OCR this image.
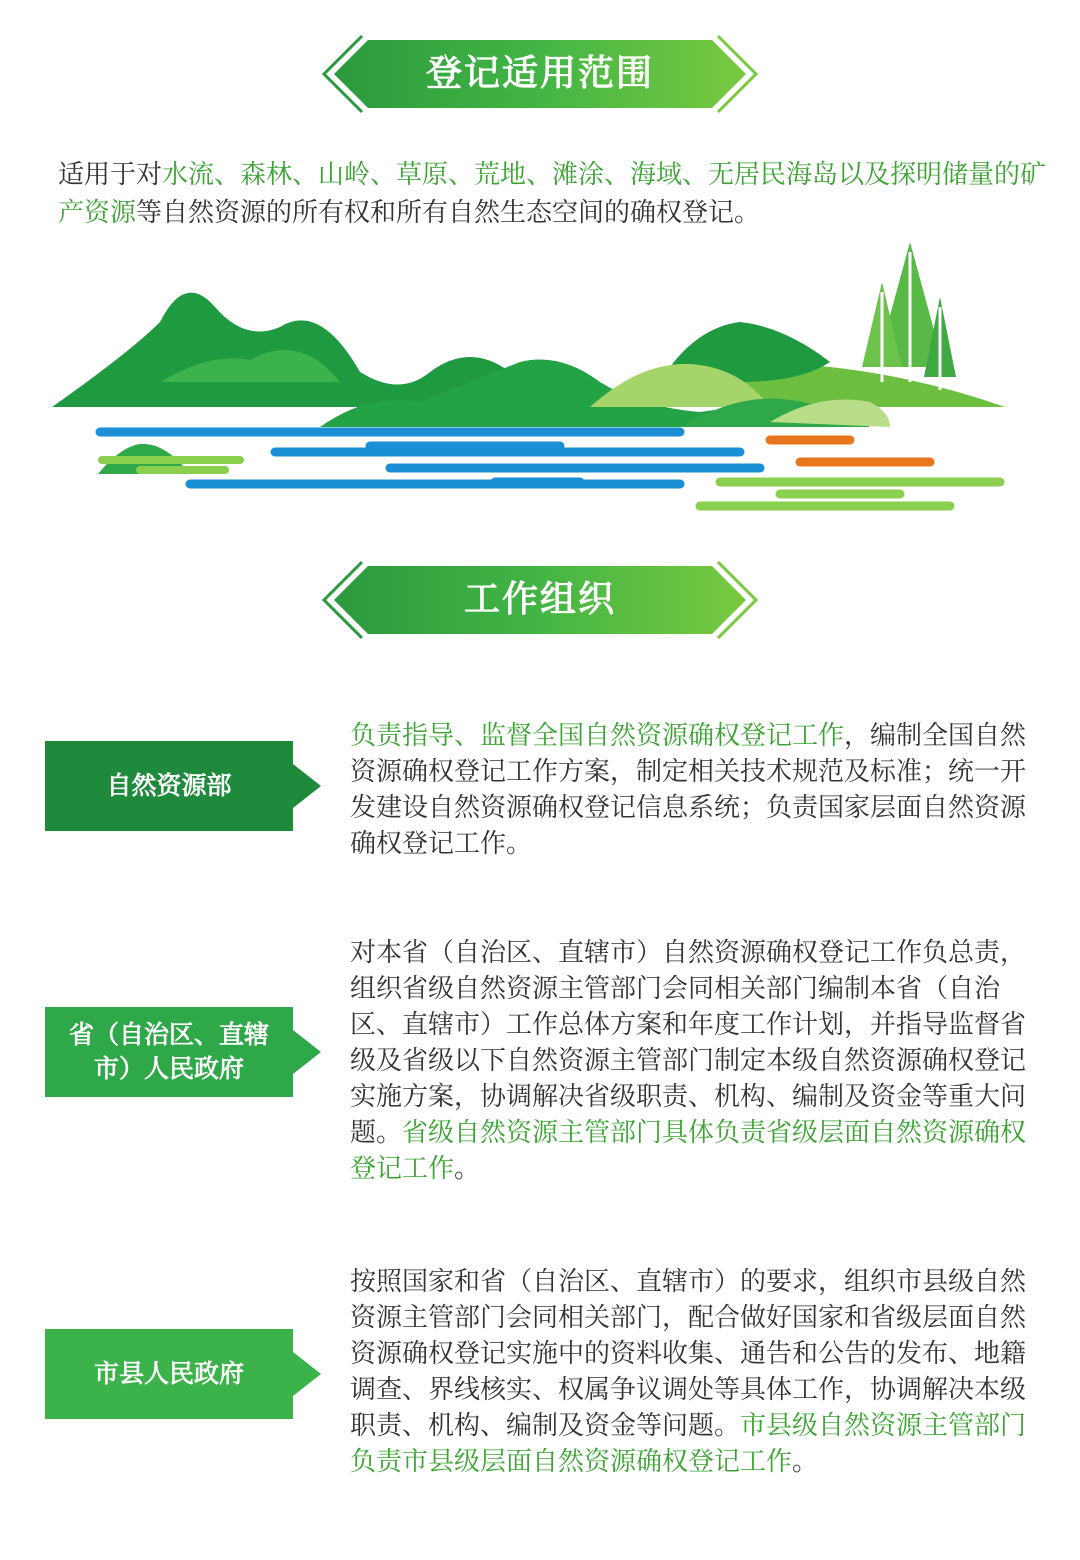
登记适用范围
适用于对水流、森林、山岭、草原、荒地、滩涂、海域、无居民海岛以及探明储量的矿产资源等自然资源的所有权和所有自然生态空间的确权登记。
工作组织
自然资源部
负责指导、监督全国自然资源确权登记工作，编制全国自然资源确权登记工作方案，制定相关技术规范及标准；统一开发建设自然资源确权登记信息系统；负责国家层面自然资源确权登记工作。
省（自治区、直辖市）人民政府
对本省（自治区、直辖市）自然资源确权登记工作负总责，组织省级自然资源主管部门会同相关部门编制本省（自治区、直辖市）工作总体方案和年度工作计划，并指导监督省级及省级以下自然资源主管部门制定本级自然资源确权登记实施方案，协调解决省级职责、机构、编制及资金等重大问题。省级自然资源主管部门具体负责省级层面自然资源确权登记工作。
市县人民政府
按照国家和省（自治区、直辖市）的要求，组织市县级自然资源主管部门会同相关部门，配合做好国家和省级层面自然资源确权登记实施中的资料收集、通告和公告的发布、地籍调查、界线核实、权属争议调处等具体工作，协调解决本级职责、机构、编制及资金等问题。市县级自然资源主管部门负责市县级层面自然资源确权登记工作。
